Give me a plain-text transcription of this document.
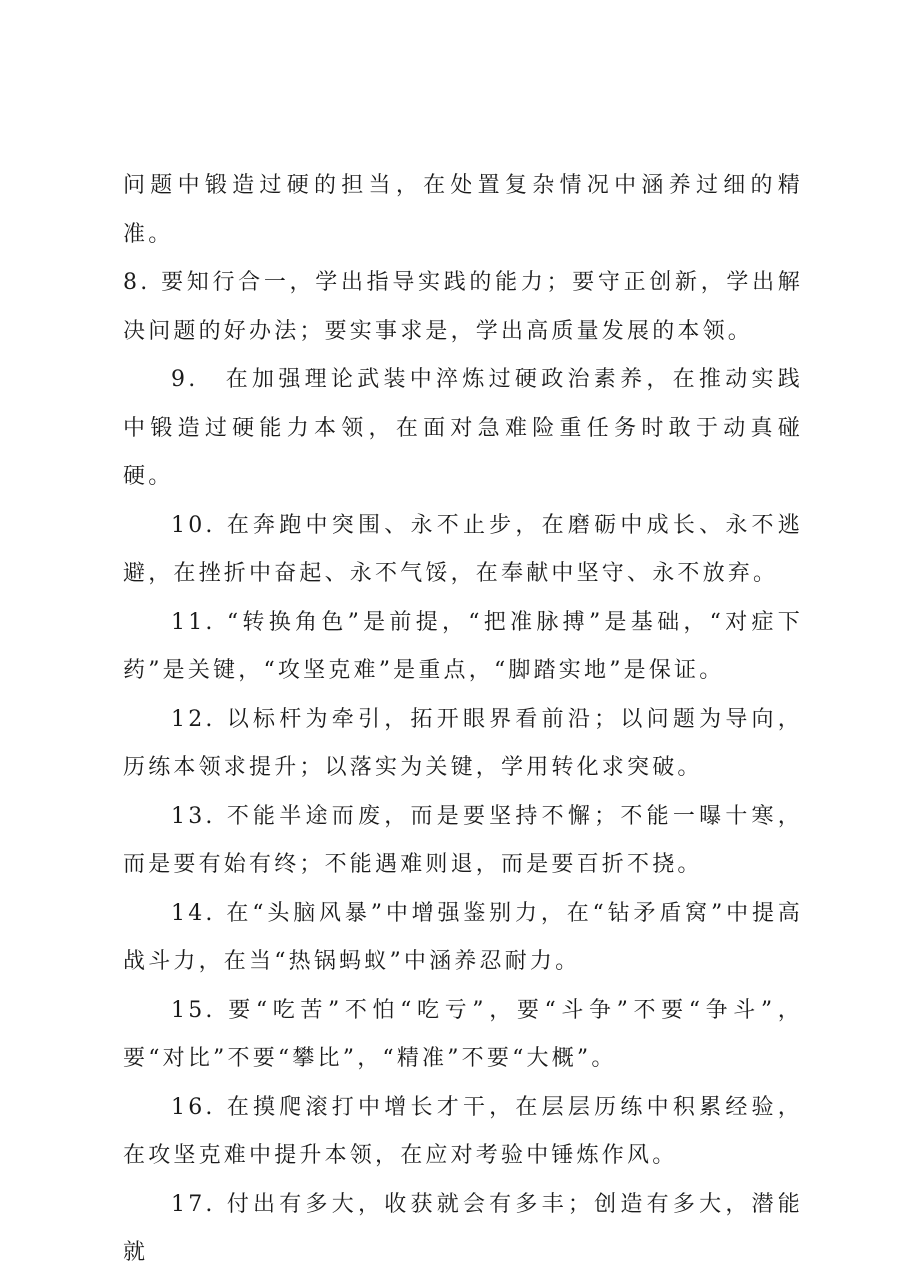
问题中锻造过硬的担当，在处置复杂情况中涵养过细的精准。

8. 要知行合一，学出指导实践的能力；要守正创新，学出解决问题的好办法；要实事求是，学出高质量发展的本领。

9.　在加强理论武装中淬炼过硬政治素养，在推动实践中锻造过硬能力本领，在面对急难险重任务时敢于动真碰硬。

10. 在奔跑中突围、永不止步，在磨砺中成长、永不逃避，在挫折中奋起、永不气馁，在奉献中坚守、永不放弃。

11. “转换角色”是前提，“把准脉搏”是基础，“对症下药”是关键，“攻坚克难”是重点，“脚踏实地”是保证。

12. 以标杆为牵引，拓开眼界看前沿；以问题为导向，历练本领求提升；以落实为关键，学用转化求突破。

13. 不能半途而废，而是要坚持不懈；不能一曝十寒，而是要有始有终；不能遇难则退，而是要百折不挠。

14. 在“头脑风暴”中增强鉴别力，在“钻矛盾窝”中提高战斗力，在当“热锅蚂蚁”中涵养忍耐力。

15. 要“吃苦”不怕“吃亏”，要“斗争”不要“争斗”，要“对比”不要“攀比”，“精准”不要“大概”。

16. 在摸爬滚打中增长才干，在层层历练中积累经验，在攻坚克难中提升本领，在应对考验中锤炼作风。

17. 付出有多大，收获就会有多丰；创造有多大，潜能就
